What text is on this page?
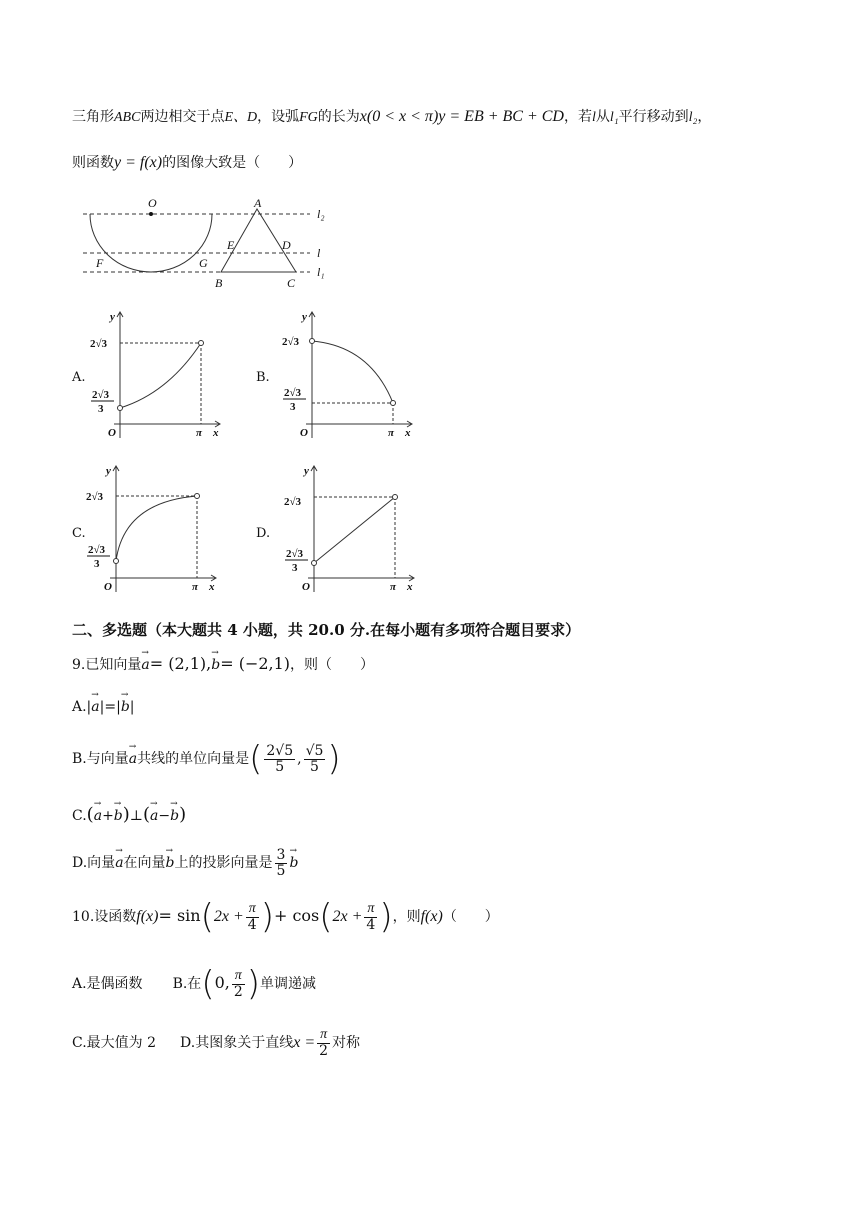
三角形ABC两边相交于点E、D，设弧FG的长为x(0 < x < π)y = EB + BC + CD，若l从l₁平行移动到l₂，
则函数y = f(x)的图像大致是（　　）
O	A
E	D
F	G
B	C
l₂
l
l₁
A.	B.
C.	D.
y
2√3
2√3
3
O	π x
y
2√3
2√3
3
O	π x
y
2√3
2√3
3
O	π x
y
2√3
2√3
3
O	π x
二、多选题（本大题共 4 小题，共 20.0 分.在每小题有多项符合题目要求）
9.已知向量→ a= (2,1),→ b= (−2,1)，则（　　）
A.|→ a|=|→ b|
B.与向量→ a共线的单位向量是( $\frac{2√5}{5}$ , $\frac{√5}{5}$ )
C.(→ a+→ b)⊥(→ a−→ b)
D.向量→ a在向量→ b上的投影向量是 $\frac{3}{5}$
→ b
10.设函数$f(x)= \sin(2x + \frac{\pi}{4}$ )+ $\cos(2x + \frac{\pi}{4}$ )，则f(x)（　　）
A.是偶函数 B.在(0, $\frac{\pi}{2}$ )单调递减
C.最大值为 2 D.其图象关于直线$x = \frac{\pi}{2}$ 对称
